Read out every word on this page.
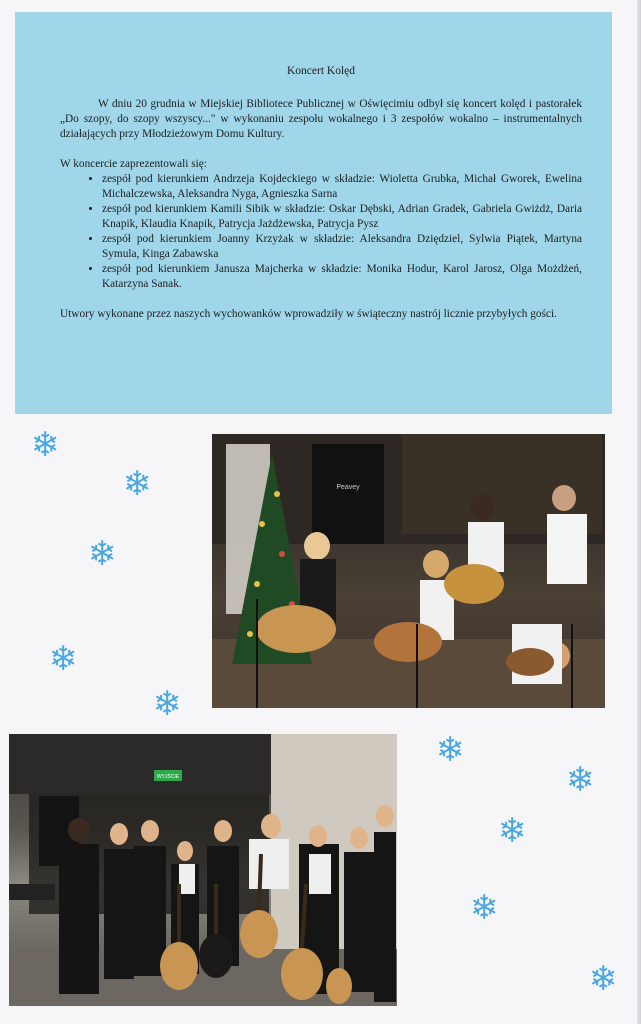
Koncert Kolęd

W dniu 20 grudnia w Miejskiej Bibliotece Publicznej w Oświęcimiu odbył się koncert kolęd i pastorałek „Do szopy, do szopy wszyscy..." w wykonaniu zespołu wokalnego i 3 zespołów wokalno – instrumentalnych działających przy Młodzieżowym Domu Kultury.

W koncercie zaprezentowali się:

• zespół pod kierunkiem Andrzeja Kojdeckiego w składzie: Wioletta Grubka, Michał Gworek, Ewelina Michalczewska, Aleksandra Nyga, Agnieszka Sarna
• zespół pod kierunkiem Kamili Sibik w składzie: Oskar Dębski, Adrian Gradek, Gabriela Gwiżdż, Daria Knapik, Klaudia Knapik, Patrycja Jażdżewska, Patrycja Pysz
• zespół pod kierunkiem Joanny Krzyżak w składzie: Aleksandra Dziędziel, Sylwia Piątek, Martyna Symula, Kinga Zabawska
• zespół pod kierunkiem Janusza Majcherka w składzie: Monika Hodur, Karol Jarosz, Olga Możdżeń, Katarzyna Sanak.

Utwory wykonane przez naszych wychowanków wprowadziły w świąteczny nastrój licznie przybyłych gości.

❄
❄
❄
❄
❄
❄
❄
❄
❄
❄
Peavey
WYJŚCIE
